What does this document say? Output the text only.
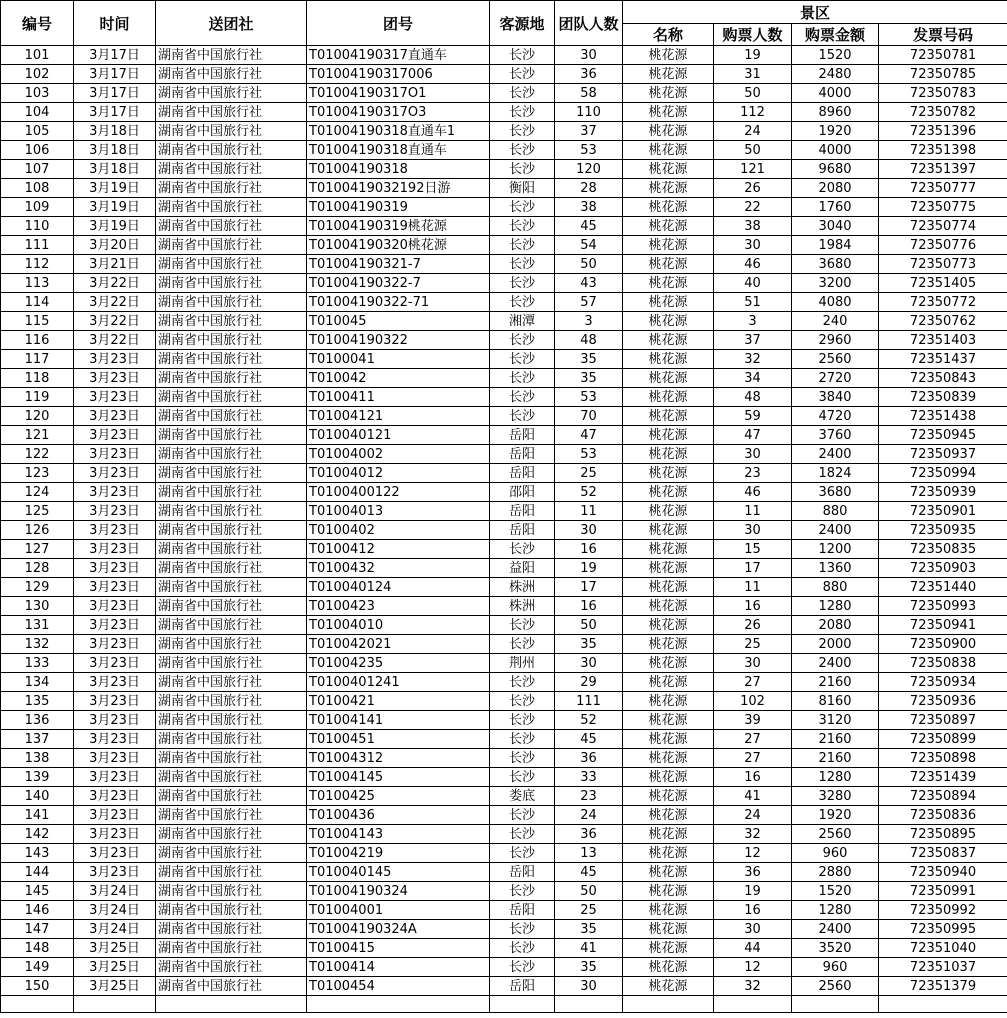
编号	时间	送团社	团号	客源地	团队人数	景区			
						名称	购票人数	购票金额	发票号码
101	3月17日	湖南省中国旅行社	T01004190317直通车	长沙	30	桃花源	19	1520	72350781
102	3月17日	湖南省中国旅行社	T01004190317006	长沙	36	桃花源	31	2480	72350785
103	3月17日	湖南省中国旅行社	T01004190317O1	长沙	58	桃花源	50	4000	72350783
104	3月17日	湖南省中国旅行社	T01004190317O3	长沙	110	桃花源	112	8960	72350782
105	3月18日	湖南省中国旅行社	T01004190318直通车1	长沙	37	桃花源	24	1920	72351396
106	3月18日	湖南省中国旅行社	T01004190318直通车	长沙	53	桃花源	50	4000	72351398
107	3月18日	湖南省中国旅行社	T01004190318	长沙	120	桃花源	121	9680	72351397
108	3月19日	湖南省中国旅行社	T0100419032192日游	衡阳	28	桃花源	26	2080	72350777
109	3月19日	湖南省中国旅行社	T01004190319	长沙	38	桃花源	22	1760	72350775
110	3月19日	湖南省中国旅行社	T01004190319桃花源	长沙	45	桃花源	38	3040	72350774
111	3月20日	湖南省中国旅行社	T01004190320桃花源	长沙	54	桃花源	30	1984	72350776
112	3月21日	湖南省中国旅行社	T01004190321-7	长沙	50	桃花源	46	3680	72350773
113	3月22日	湖南省中国旅行社	T01004190322-7	长沙	43	桃花源	40	3200	72351405
114	3月22日	湖南省中国旅行社	T01004190322-71	长沙	57	桃花源	51	4080	72350772
115	3月22日	湖南省中国旅行社	T010045	湘潭	3	桃花源	3	240	72350762
116	3月22日	湖南省中国旅行社	T01004190322	长沙	48	桃花源	37	2960	72351403
117	3月23日	湖南省中国旅行社	T0100041	长沙	35	桃花源	32	2560	72351437
118	3月23日	湖南省中国旅行社	T010042	长沙	35	桃花源	34	2720	72350843
119	3月23日	湖南省中国旅行社	T0100411	长沙	53	桃花源	48	3840	72350839
120	3月23日	湖南省中国旅行社	T01004121	长沙	70	桃花源	59	4720	72351438
121	3月23日	湖南省中国旅行社	T010040121	岳阳	47	桃花源	47	3760	72350945
122	3月23日	湖南省中国旅行社	T01004002	岳阳	53	桃花源	30	2400	72350937
123	3月23日	湖南省中国旅行社	T01004012	岳阳	25	桃花源	23	1824	72350994
124	3月23日	湖南省中国旅行社	T0100400122	邵阳	52	桃花源	46	3680	72350939
125	3月23日	湖南省中国旅行社	T01004013	岳阳	11	桃花源	11	880	72350901
126	3月23日	湖南省中国旅行社	T0100402	岳阳	30	桃花源	30	2400	72350935
127	3月23日	湖南省中国旅行社	T0100412	长沙	16	桃花源	15	1200	72350835
128	3月23日	湖南省中国旅行社	T0100432	益阳	19	桃花源	17	1360	72350903
129	3月23日	湖南省中国旅行社	T010040124	株洲	17	桃花源	11	880	72351440
130	3月23日	湖南省中国旅行社	T0100423	株洲	16	桃花源	16	1280	72350993
131	3月23日	湖南省中国旅行社	T01004010	长沙	50	桃花源	26	2080	72350941
132	3月23日	湖南省中国旅行社	T010042021	长沙	35	桃花源	25	2000	72350900
133	3月23日	湖南省中国旅行社	T01004235	荆州	30	桃花源	30	2400	72350838
134	3月23日	湖南省中国旅行社	T0100401241	长沙	29	桃花源	27	2160	72350934
135	3月23日	湖南省中国旅行社	T0100421	长沙	111	桃花源	102	8160	72350936
136	3月23日	湖南省中国旅行社	T01004141	长沙	52	桃花源	39	3120	72350897
137	3月23日	湖南省中国旅行社	T0100451	长沙	45	桃花源	27	2160	72350899
138	3月23日	湖南省中国旅行社	T01004312	长沙	36	桃花源	27	2160	72350898
139	3月23日	湖南省中国旅行社	T01004145	长沙	33	桃花源	16	1280	72351439
140	3月23日	湖南省中国旅行社	T0100425	娄底	23	桃花源	41	3280	72350894
141	3月23日	湖南省中国旅行社	T0100436	长沙	24	桃花源	24	1920	72350836
142	3月23日	湖南省中国旅行社	T01004143	长沙	36	桃花源	32	2560	72350895
143	3月23日	湖南省中国旅行社	T01004219	长沙	13	桃花源	12	960	72350837
144	3月23日	湖南省中国旅行社	T010040145	岳阳	45	桃花源	36	2880	72350940
145	3月24日	湖南省中国旅行社	T01004190324	长沙	50	桃花源	19	1520	72350991
146	3月24日	湖南省中国旅行社	T01004001	岳阳	25	桃花源	16	1280	72350992
147	3月24日	湖南省中国旅行社	T01004190324A	长沙	35	桃花源	30	2400	72350995
148	3月25日	湖南省中国旅行社	T0100415	长沙	41	桃花源	44	3520	72351040
149	3月25日	湖南省中国旅行社	T0100414	长沙	35	桃花源	12	960	72351037
150	3月25日	湖南省中国旅行社	T0100454	岳阳	30	桃花源	32	2560	72351379
